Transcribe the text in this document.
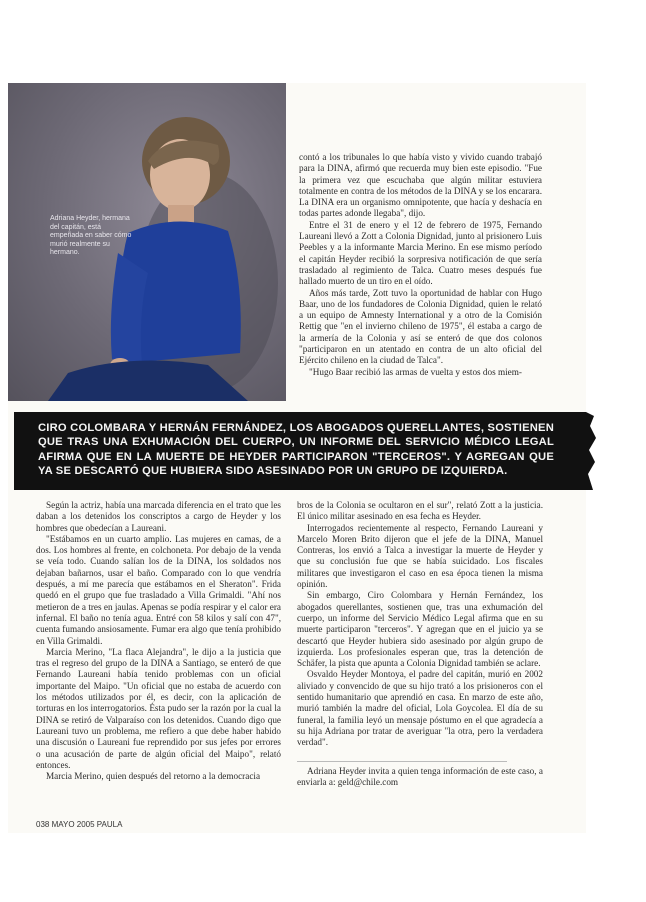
Adriana Heyder, hermana del capitán, está empeñada en saber cómo murió realmente su hermano.

contó a los tribunales lo que había visto y vivido cuando trabajó para la DINA, afirmó que recuerda muy bien este episodio. "Fue la primera vez que escuchaba que algún militar estuviera totalmente en contra de los métodos de la DINA y se los encarara. La DINA era un organismo omnipotente, que hacía y deshacía en todas partes adonde llegaba", dijo.

Entre el 31 de enero y el 12 de febrero de 1975, Fernando Laureani llevó a Zott a Colonia Dignidad, junto al prisionero Luis Peebles y a la informante Marcia Merino. En ese mismo período el capitán Heyder recibió la sorpresiva notificación de que sería trasladado al regimiento de Talca. Cuatro meses después fue hallado muerto de un tiro en el oído.

Años más tarde, Zott tuvo la oportunidad de hablar con Hugo Baar, uno de los fundadores de Colonia Dignidad, quien le relató a un equipo de Amnesty International y a otro de la Comisión Rettig que "en el invierno chileno de 1975", él estaba a cargo de la armería de la Colonia y así se enteró de que dos colonos "participaron en un atentado en contra de un alto oficial del Ejército chileno en la ciudad de Talca".

"Hugo Baar recibió las armas de vuelta y estos dos miem-

CIRO COLOMBARA Y HERNÁN FERNÁNDEZ, LOS ABOGADOS QUERELLANTES, SOSTIENEN QUE TRAS UNA EXHUMACIÓN DEL CUERPO, UN INFORME DEL SERVICIO MÉDICO LEGAL AFIRMA QUE EN LA MUERTE DE HEYDER PARTICIPARON "TERCEROS". Y AGREGAN QUE YA SE DESCARTÓ QUE HUBIERA SIDO ASESINADO POR UN GRUPO DE IZQUIERDA.

Según la actriz, había una marcada diferencia en el trato que les daban a los detenidos los conscriptos a cargo de Heyder y los hombres que obedecían a Laureani.

"Estábamos en un cuarto amplio. Las mujeres en camas, de a dos. Los hombres al frente, en colchoneta. Por debajo de la venda se veía todo. Cuando salían los de la DINA, los soldados nos dejaban bañarnos, usar el baño. Comparado con lo que vendría después, a mí me parecía que estábamos en el Sheraton". Frida quedó en el grupo que fue trasladado a Villa Grimaldi. "Ahí nos metieron de a tres en jaulas. Apenas se podía respirar y el calor era infernal. El baño no tenía agua. Entré con 58 kilos y salí con 47", cuenta fumando ansiosamente. Fumar era algo que tenía prohibido en Villa Grimaldi.

Marcia Merino, "La flaca Alejandra", le dijo a la justicia que tras el regreso del grupo de la DINA a Santiago, se enteró de que Fernando Laureani había tenido problemas con un oficial importante del Maipo. "Un oficial que no estaba de acuerdo con los métodos utilizados por él, es decir, con la aplicación de torturas en los interrogatorios. Ésta pudo ser la razón por la cual la DINA se retiró de Valparaíso con los detenidos. Cuando digo que Laureani tuvo un problema, me refiero a que debe haber habido una discusión o Laureani fue reprendido por sus jefes por errores o una acusación de parte de algún oficial del Maipo", relató entonces.

Marcia Merino, quien después del retorno a la democracia

bros de la Colonia se ocultaron en el sur", relató Zott a la justicia. El único militar asesinado en esa fecha es Heyder.

Interrogados recientemente al respecto, Fernando Laureani y Marcelo Moren Brito dijeron que el jefe de la DINA, Manuel Contreras, los envió a Talca a investigar la muerte de Heyder y que su conclusión fue que se había suicidado. Los fiscales militares que investigaron el caso en esa época tienen la misma opinión.

Sin embargo, Ciro Colombara y Hernán Fernández, los abogados querellantes, sostienen que, tras una exhumación del cuerpo, un informe del Servicio Médico Legal afirma que en su muerte participaron "terceros". Y agregan que en el juicio ya se descartó que Heyder hubiera sido asesinado por algún grupo de izquierda. Los profesionales esperan que, tras la detención de Schäfer, la pista que apunta a Colonia Dignidad también se aclare.

Osvaldo Heyder Montoya, el padre del capitán, murió en 2002 aliviado y convencido de que su hijo trató a los prisioneros con el sentido humanitario que aprendió en casa. En marzo de este año, murió también la madre del oficial, Lola Goycolea. El día de su funeral, la familia leyó un mensaje póstumo en el que agradecía a su hija Adriana por tratar de averiguar "la otra, pero la verdadera verdad".

Adriana Heyder invita a quien tenga información de este caso, a enviarla a: geld@chile.com

038 MAYO 2005 PAULA
